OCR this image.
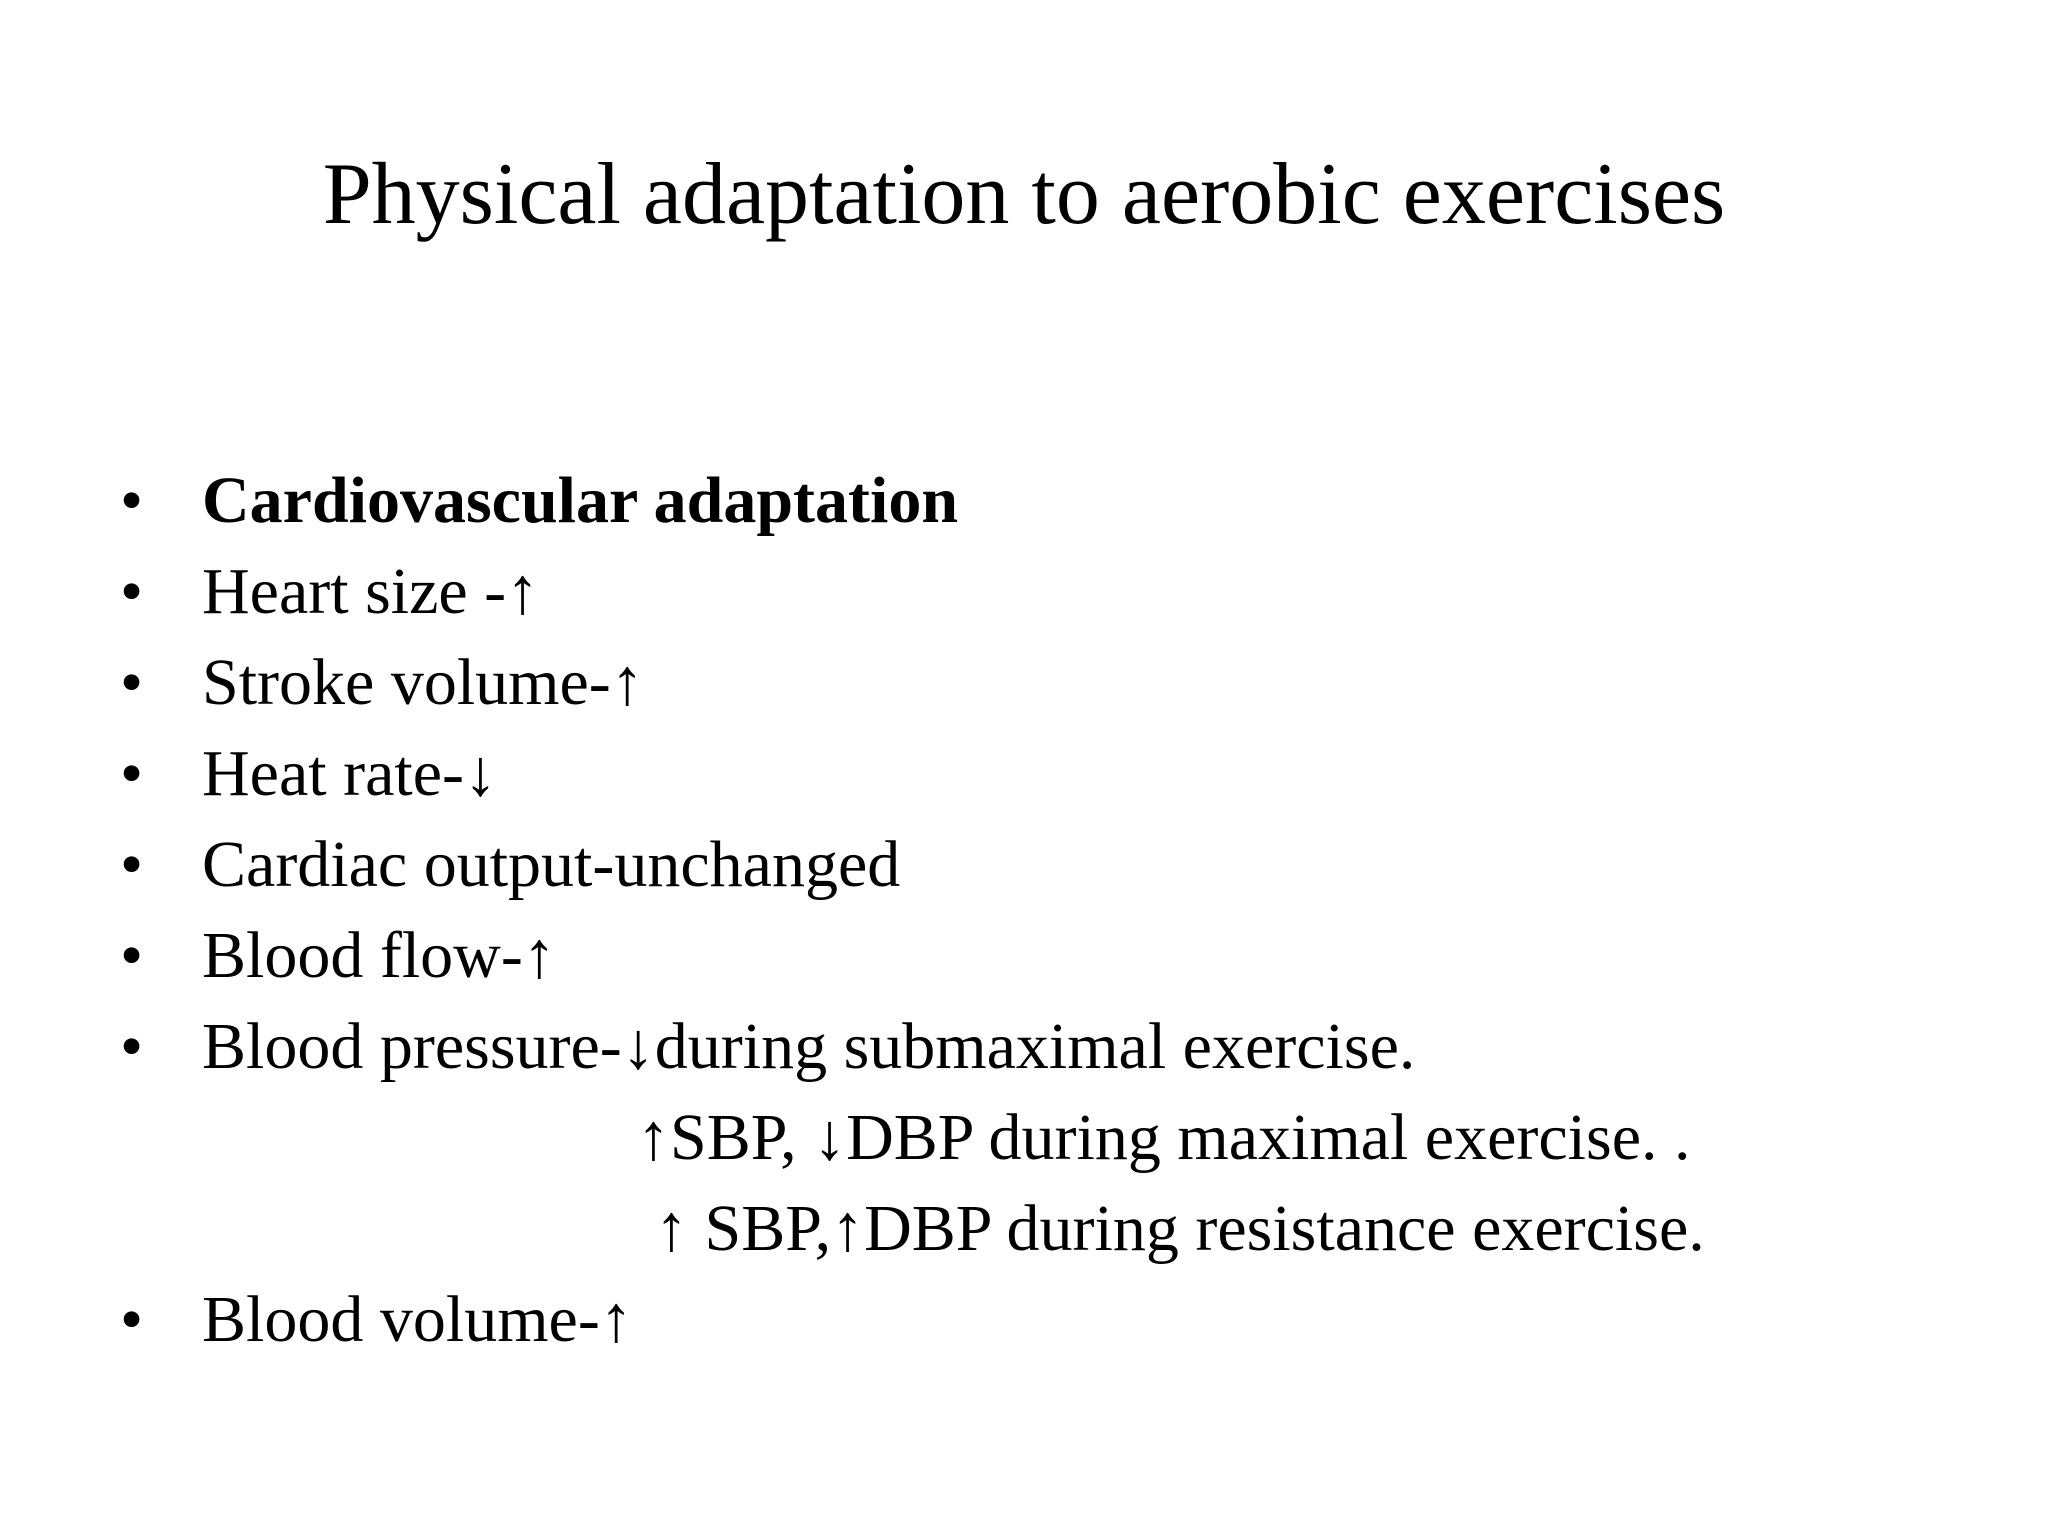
Physical adaptation to aerobic exercises
• Cardiovascular adaptation
• Heart size -↑
• Stroke volume-↑
• Heat rate-↓
• Cardiac output-unchanged
• Blood flow-↑
• Blood pressure-↓during submaximal exercise.
↑SBP, ↓DBP during maximal exercise. .
↑ SBP,↑DBP during resistance exercise.
• Blood volume-↑
